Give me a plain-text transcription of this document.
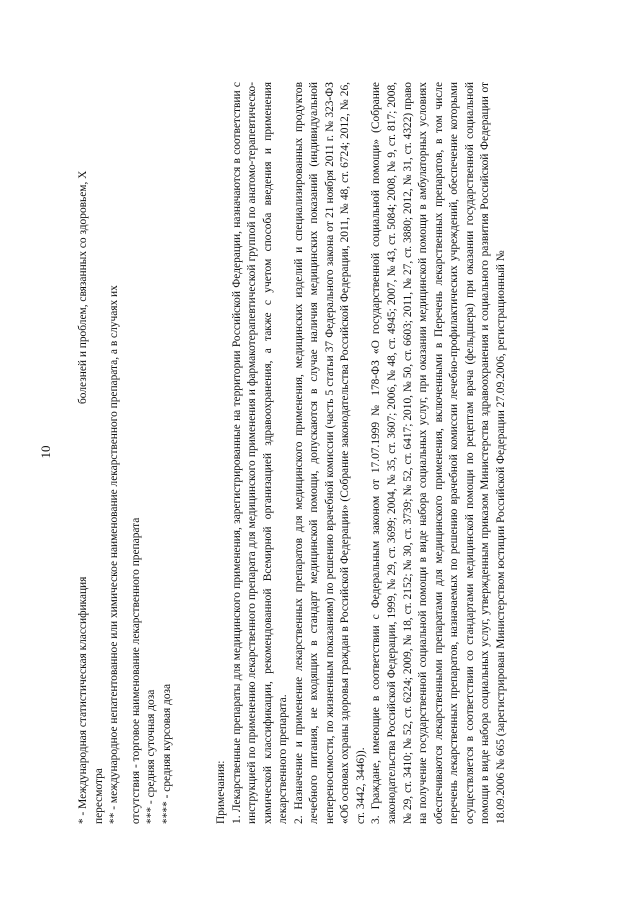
10
* - Международная статистическая классификация
болезней и проблем, связанных со здоровьем, X
пересмотра ** - международное непатентованное или химическое наименование лекарственного препарата, а в случаях их отсутствия - торговое наименование лекарственного препарата *** - средняя суточная доза **** - средняя курсовая доза	Примечания: 1. Лекарственные препараты для медицинского применения, зарегистрированные на территории Российской Федерации, назначаются в соответствии с инструкцией по применению лекарственного препарата для медицинского применения и фармакотерапевтической группой по анатомо-терапевтическо-химической классификации, рекомендованной Всемирной организацией здравоохранения, а также с учетом способа введения и применения лекарственного препарата. 2. Назначение и применение лекарственных препаратов для медицинского применения, медицинских изделий и специализированных продуктов лечебного питания, не входящих в стандарт медицинской помощи, допускаются в случае наличия медицинских показаний (индивидуальной непереносимости, по жизненным показаниям) по решению врачебной комиссии (часть 5 статьи 37 Федерального закона от 21 ноября 2011 г. № 323-ФЗ «Об основах охраны здоровья граждан в Российской Федерации» (Собрание законодательства Российской Федерации, 2011, № 48, ст. 6724; 2012, № 26, ст. 3442, 3446)). 3. Граждане, имеющие в соответствии с Федеральным законом от 17.07.1999 № 178-ФЗ «О государственной социальной помощи» (Собрание законодательства Российской Федерации, 1999, № 29, ст. 3699; 2004, № 35, ст. 3607; 2006, № 48, ст. 4945; 2007, № 43, ст. 5084; 2008, № 9, ст. 817; 2008, № 29, ст. 3410; № 52, ст. 6224; 2009, № 18, ст. 2152; № 30, ст. 3739; № 52, ст. 6417; 2010, № 50, ст. 6603; 2011, № 27, ст. 3880; 2012, № 31, ст. 4322) право на получение государственной социальной помощи в виде набора социальных услуг, при оказании медицинской помощи в амбулаторных условиях обеспечиваются лекарственными препаратами для медицинского применения, включенными в Перечень лекарственных препаратов, в том числе перечень лекарственных препаратов, назначаемых по решению врачебной комиссии лечебно-профилактических учреждений, обеспечение которыми осуществляется в соответствии со стандартами медицинской помощи по рецептам врача (фельдшера) при оказании государственной социальной помощи в виде набора социальных услуг, утвержденным приказом Министерства здравоохранения и социального развития Российской Федерации от 18.09.2006 № 665 (зарегистрирован Министерством юстиции Российской Федерации 27.09.2006, регистрационный №
